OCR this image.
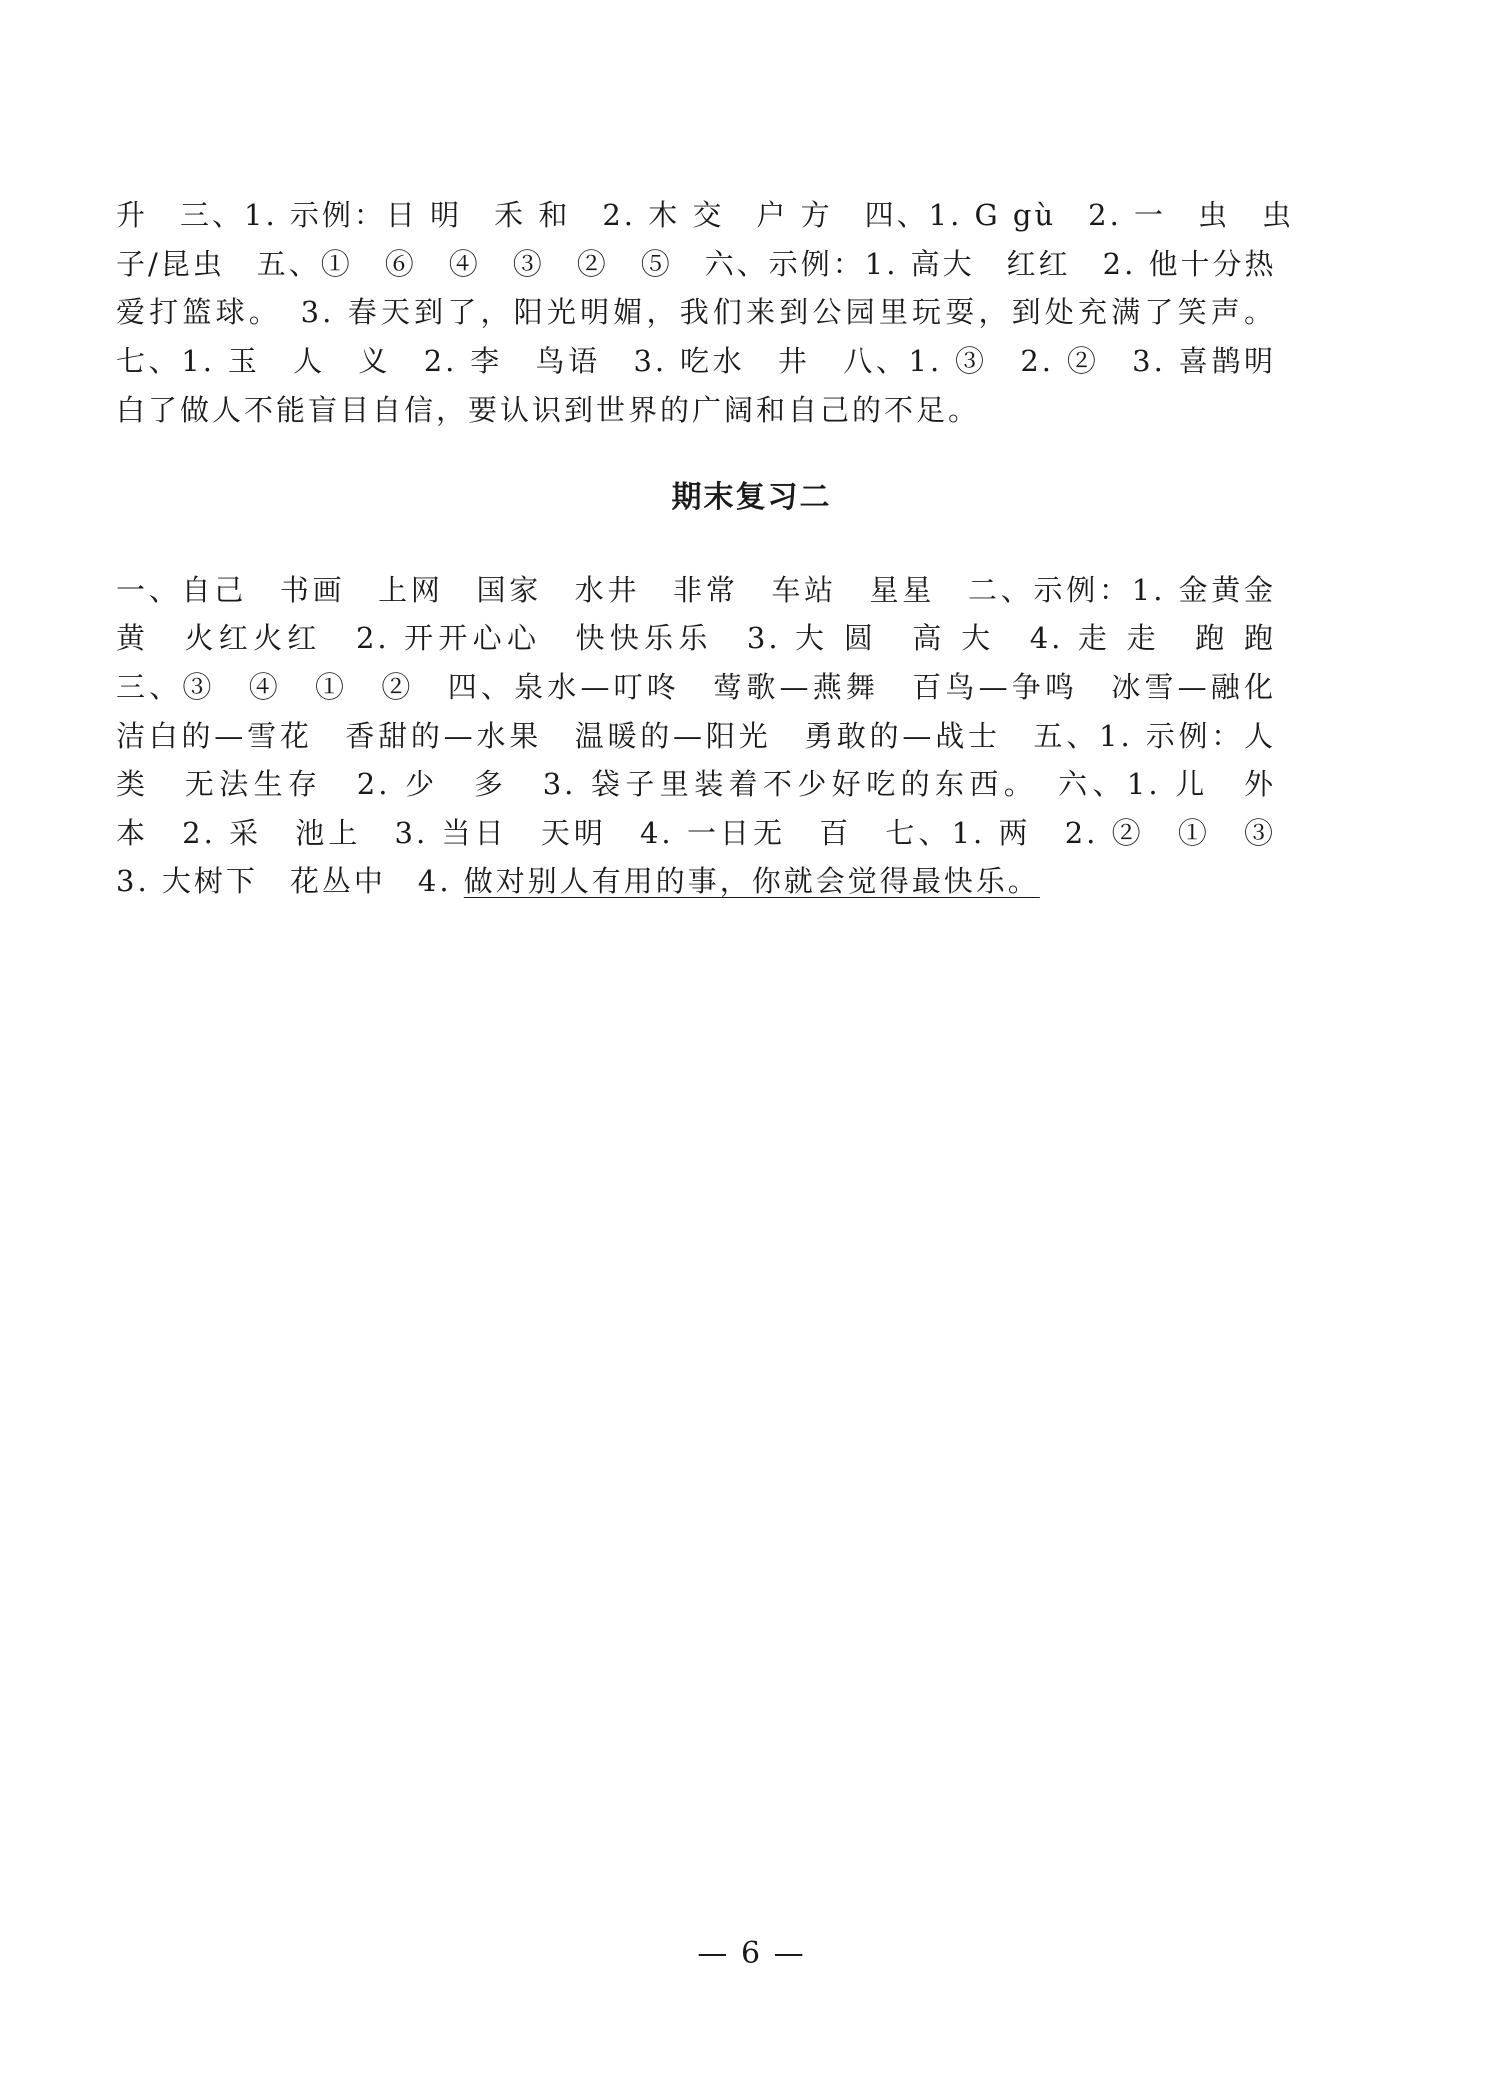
升　三、1. 示例：日 明　禾 和　2. 木 交　户 方　四、1. G gù　2. 一　虫　虫
子/昆虫　五、①　⑥　④　③　②　⑤　六、示例：1. 高大　红红　2. 他十分热
爱打篮球。　3. 春天到了，阳光明媚，我们来到公园里玩耍，到处充满了笑声。
七、1. 玉　人　义　2. 李　鸟语　3. 吃水　井　八、1. ③　2. ②　3. 喜鹊明
白了做人不能盲目自信，要认识到世界的广阔和自己的不足。
期末复习二
一、自己　书画　上网　国家　水井　非常　车站　星星　二、示例：1. 金黄金
黄　火红火红　2. 开开心心　快快乐乐　3. 大 圆　高 大　4. 走 走　跑 跑
三、③　④　①　②　四、泉水—叮咚　莺歌—燕舞　百鸟—争鸣　冰雪—融化
洁白的—雪花　香甜的—水果　温暖的—阳光　勇敢的—战士　五、1. 示例：人
类　无法生存　2. 少　多　3. 袋子里装着不少好吃的东西。　六、1. 儿　外
本　2. 采　池上　3. 当日　天明　4. 一日无　百　七、1. 两　2. ②　①　③
3. 大树下　花丛中　4. 做对别人有用的事，你就会觉得最快乐。
— 6 —
